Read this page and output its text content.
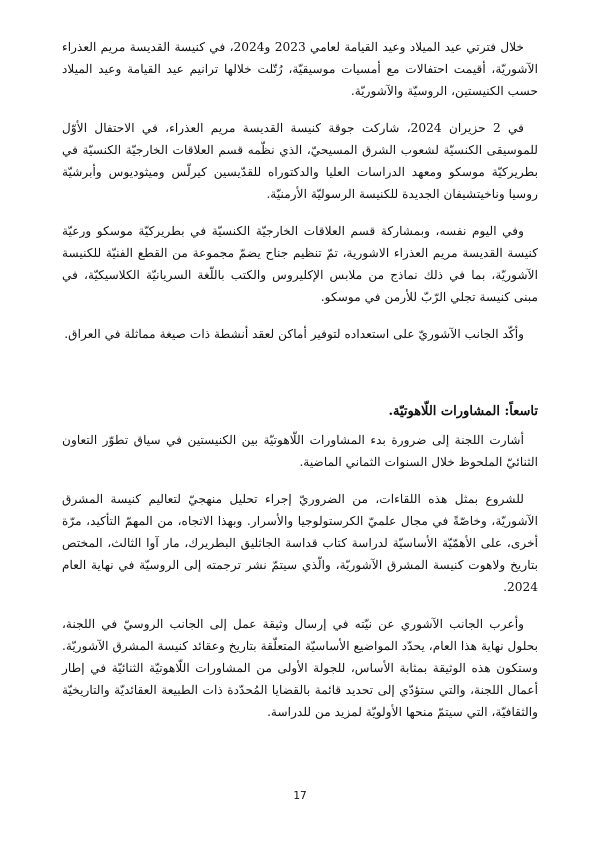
خلال فترتي عيد الميلاد وعيد القيامة لعامي 2023 و2024، في كنيسة القديسة مريم العذراء الآشوريّة، أقيمت احتفالات مع أمسيات موسيقيّة، رُتّلت خلالها ترانيم عيد القيامة وعيد الميلاد حسب الكنيستين، الروسيّة والآشوريّة.

في 2 حزيران 2024، شاركت جوقة كنيسة القديسة مريم العذراء، في الاحتفال الأوّل للموسيقى الكنسيّة لشعوب الشرق المسيحيّ، الذي نظّمه قسم العلاقات الخارجيّة الكنسيّة في بطريركيّة موسكو ومعهد الدراسات العليا والدكتوراه للقدّيسين كيرلّس وميثوديوس وأبرشيّة روسيا وناخيتشيفان الجديدة للكنيسة الرسوليّة الأرمنيّة.

وفي اليوم نفسه، وبمشاركة قسم العلاقات الخارجيّة الكنسيّة في بطريركيّة موسكو ورعيّة كنيسة القديسة مريم العذراء الاشورية، تمّ تنظيم جناح يضمّ مجموعة من القطع الفنيّة للكنيسة الآشوريّة، بما في ذلك نماذج من ملابس الإكليروس والكتب باللّغة السريانيّة الكلاسيكيّة، في مبنى كنيسة تجلي الرّبّ للأرمن في موسكو.

وأكّد الجانب الآشوريّ على استعداده لتوفير أماكن لعقد أنشطة ذات صيغة مماثلة في العراق.

تاسعاً: المشاورات اللّاهوتيّة.

أشارت اللجنة إلى ضرورة بدء المشاورات اللّاهوتيّة بين الكنيستين في سياق تطوّر التعاون الثنائيّ الملحوظ خلال السنوات الثماني الماضية.

للشروع بمثل هذه اللقاءات، من الضروريّ إجراء تحليل منهجيّ لتعاليم كنيسة المشرق الآشوريّة، وخاصّةً في مجال علميّ الكرستولوجيا والأسرار. وبهذا الاتجاه، من المهمّ التأكيد، مرّة أخرى، على الأهمّيّة الأساسيّة لدراسة كتاب قداسة الجاثليق البطريرك، مار آوا الثالث، المختص بتاريخ ولاهوت كنيسة المشرق الآشوريّة، والّذي سيتمّ نشر ترجمته إلى الروسيّة في نهاية العام 2024.

وأعرب الجانب الآشوري عن نيّته في إرسال وثيقة عمل إلى الجانب الروسيّ في اللجنة، بحلول نهاية هذا العام، يحدّد المواضيع الأساسيّة المتعلّقة بتاريخ وعقائد كنيسة المشرق الآشوريّة. وستكون هذه الوثيقة بمثابة الأساس، للجولة الأولى من المشاورات اللّاهوتيّة الثنائيّة في إطار أعمال اللجنة، والتي ستؤدّي إلى تحديد قائمة بالقضايا المُحدّدة ذات الطبيعة العقائديّة والتاريخيّة والثقافيّة، التي سيتمّ منحها الأولويّة لمزيد من للدراسة.

17
